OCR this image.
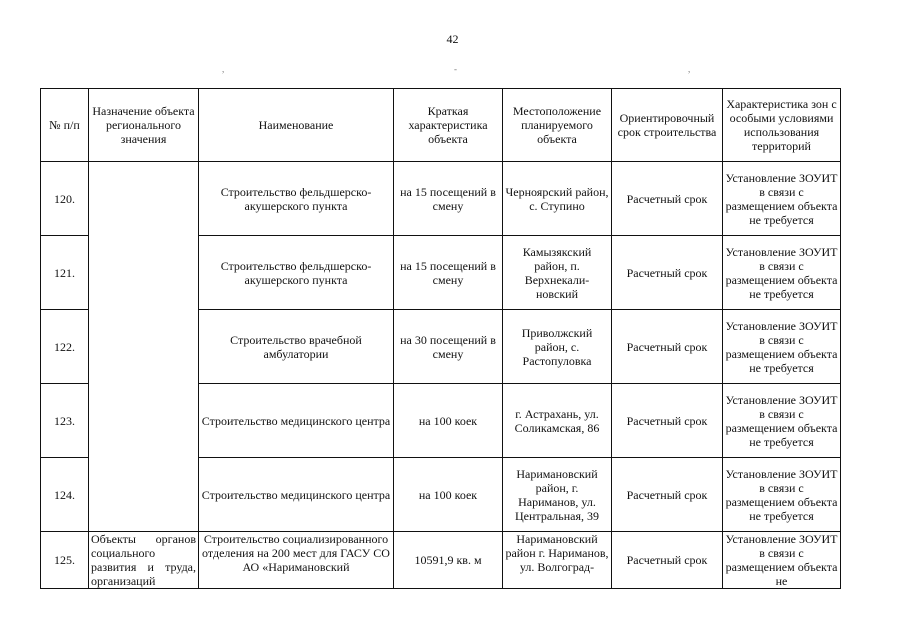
42
,	-	,
№ п/п	Назначение объекта регионального значения	Наименование	Краткая характеристика объекта	Местоположение планируемого объекта	Ориентировочный срок строительства	Характеристика зон с особыми условиями использования территорий
120.		Строительство фельдшерско-акушерского пункта	на 15 посещений в смену	Черноярский район, с. Ступино	Расчетный срок	Установление ЗОУИТ в связи с размещением объекта не требуется
121.		Строительство фельдшерско-акушерского пункта	на 15 посещений в смену	Камызякский район, п. Верхнекали-новский	Расчетный срок	Установление ЗОУИТ в связи с размещением объекта не требуется
122.		Строительство врачебной амбулатории	на 30 посещений в смену	Приволжский район, с. Растопуловка	Расчетный срок	Установление ЗОУИТ в связи с размещением объекта не требуется
123.		Строительство медицинского центра	на 100 коек	г. Астрахань, ул. Соликамская, 86	Расчетный срок	Установление ЗОУИТ в связи с размещением объекта не требуется
124.		Строительство медицинского центра	на 100 коек	Наримановский район, г. Нариманов, ул. Центральная, 39	Расчетный срок	Установление ЗОУИТ в связи с размещением объекта не требуется
125.	Объекты органов социального развития и труда, организаций	Строительство социализированного отделения на 200 мест для ГАСУ СО АО «Наримановский	10591,9 кв. м	Наримановский район г. Нариманов, ул. Волгоград-	Расчетный срок	Установление ЗОУИТ в связи с размещением объекта не
